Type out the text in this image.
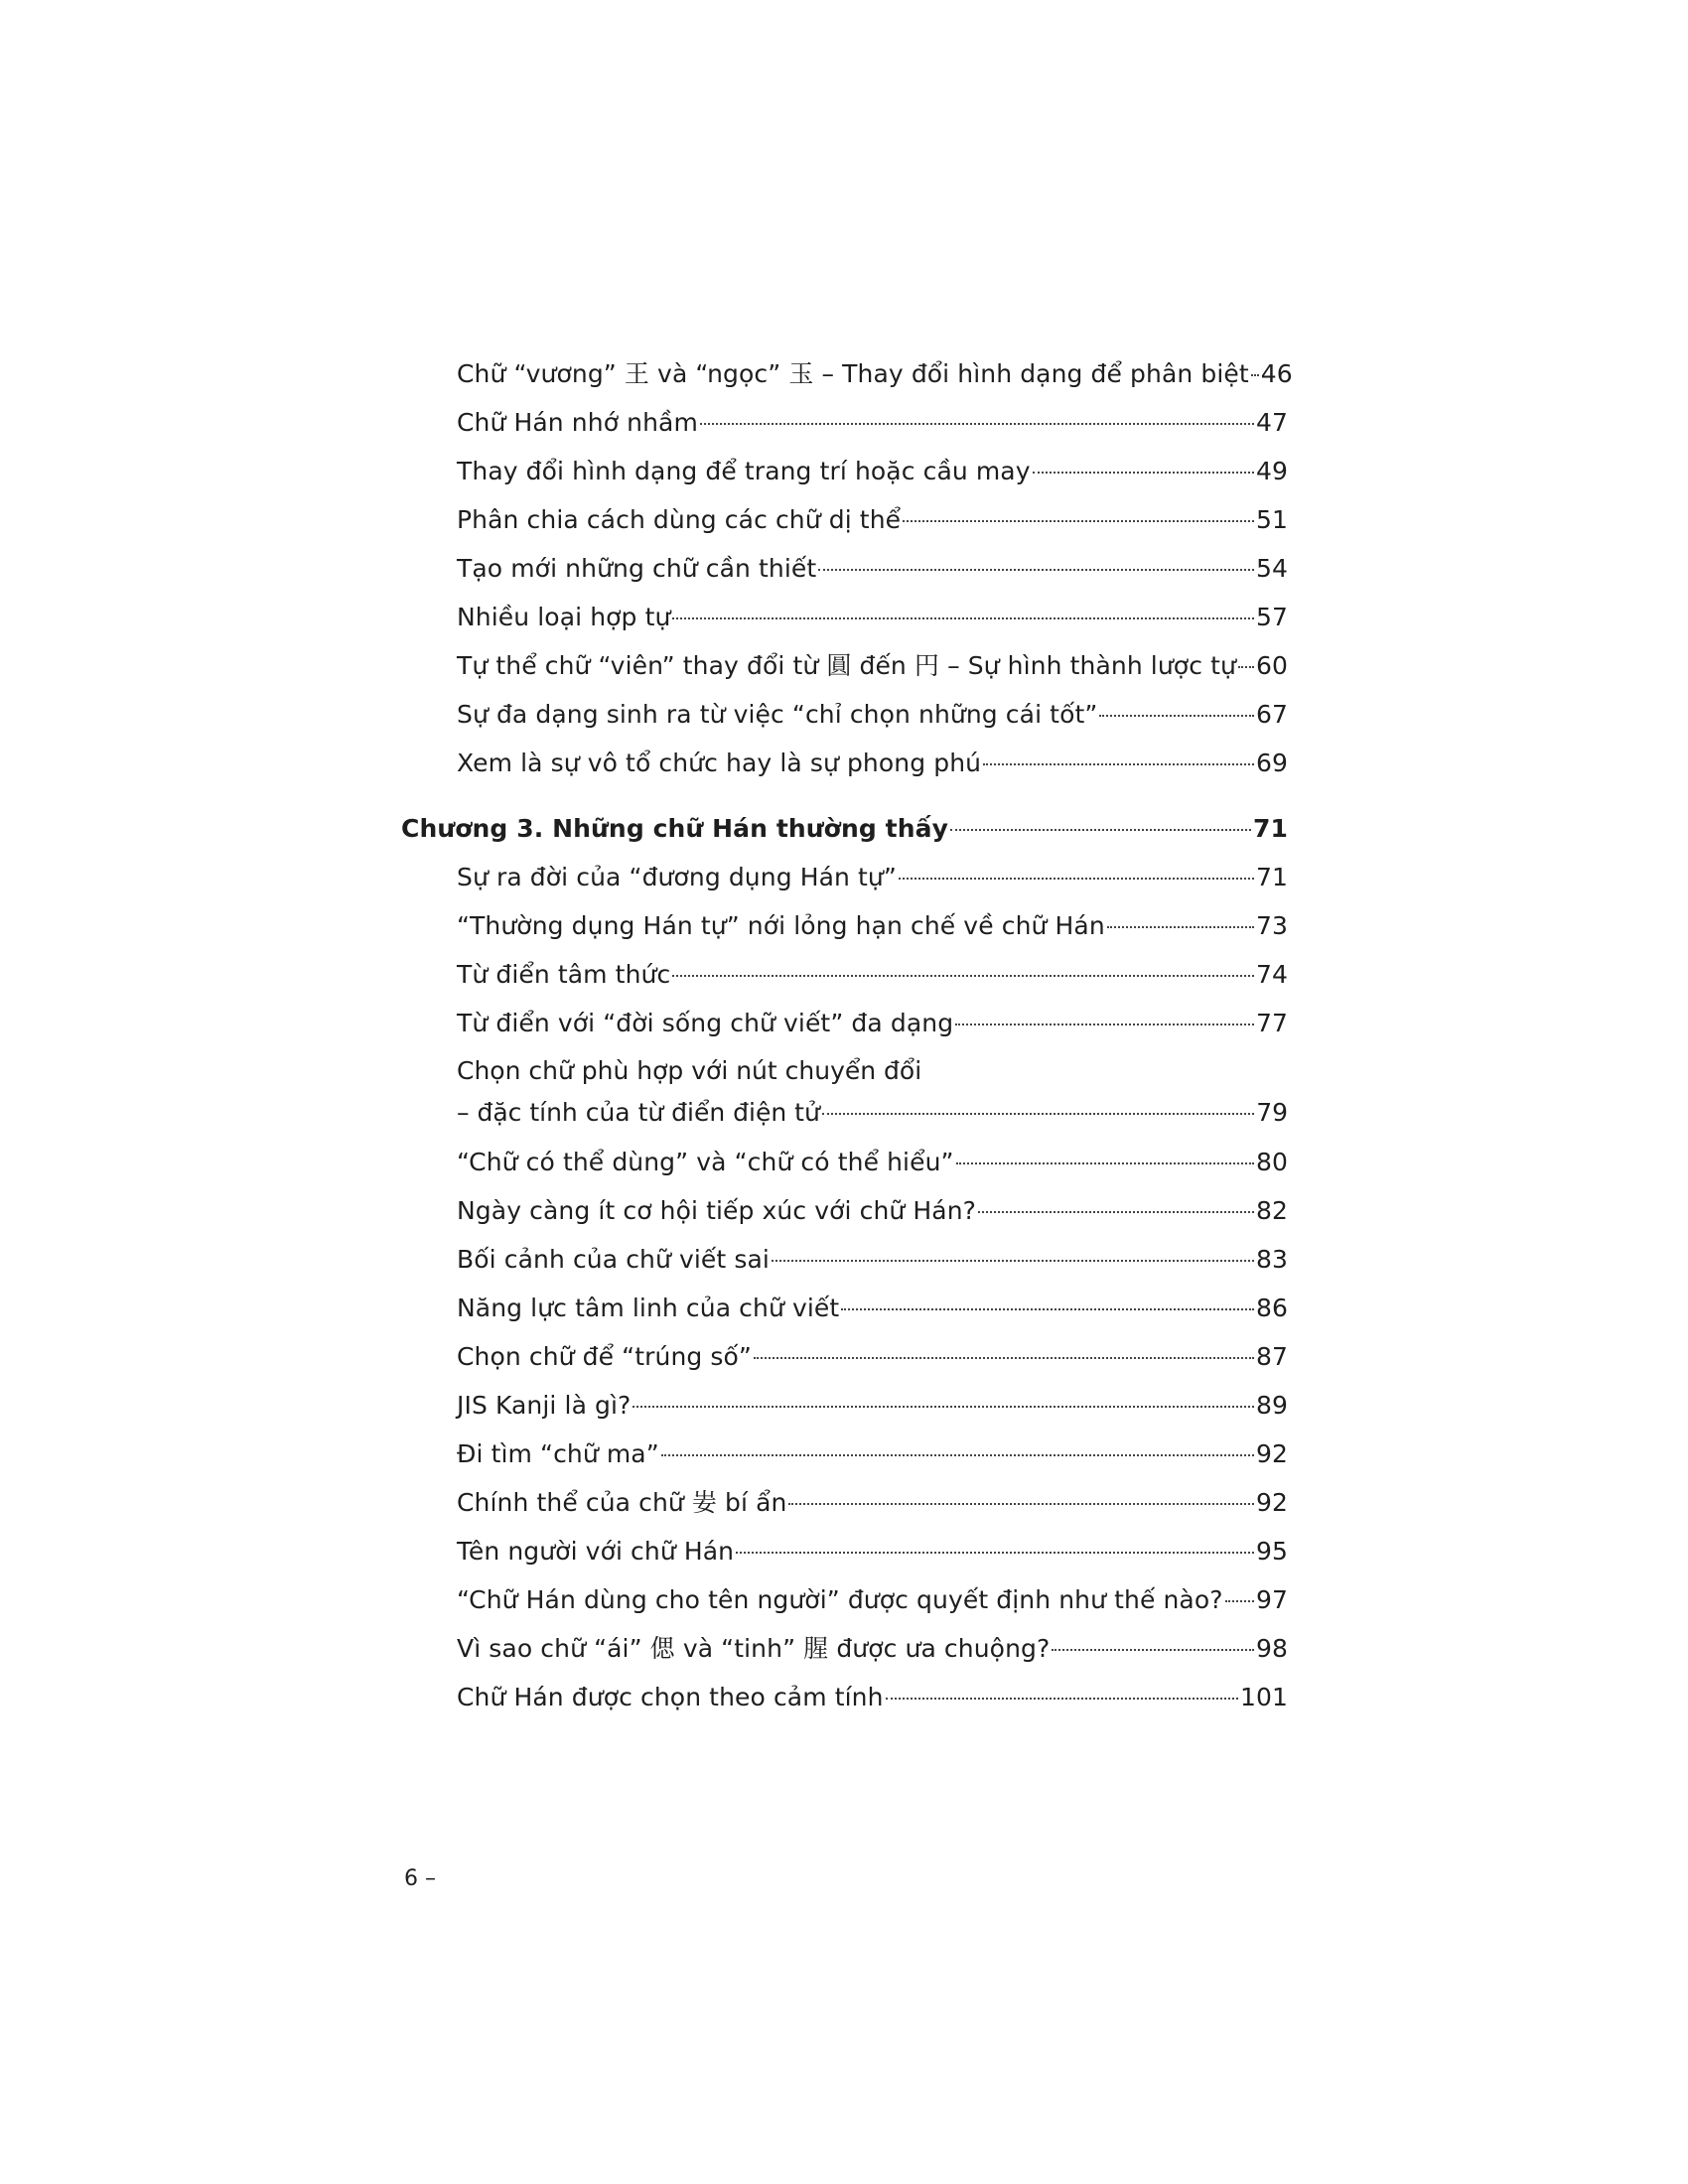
Chữ “vương” 王 và “ngọc” 玉 – Thay đổi hình dạng để phân biệt 46
Chữ Hán nhớ nhầm	47
Thay đổi hình dạng để trang trí hoặc cầu may	49
Phân chia cách dùng các chữ dị thể	51
Tạo mới những chữ cần thiết	54
Nhiều loại hợp tự	57
Tự thể chữ “viên” thay đổi từ 圓 đến 円 – Sự hình thành lược tự 60
Sự đa dạng sinh ra từ việc “chỉ chọn những cái tốt”	67
Xem là sự vô tổ chức hay là sự phong phú	69
Chương 3. Những chữ Hán thường thấy	71
Sự ra đời của “đương dụng Hán tự”	71
“Thường dụng Hán tự” nới lỏng hạn chế về chữ Hán	73
Từ điển tâm thức	74
Từ điển với “đời sống chữ viết” đa dạng	77
Chọn chữ phù hợp với nút chuyển đổi
– đặc tính của từ điển điện tử	79
“Chữ có thể dùng” và “chữ có thể hiểu”	80
Ngày càng ít cơ hội tiếp xúc với chữ Hán?	82
Bối cảnh của chữ viết sai	83
Năng lực tâm linh của chữ viết	86
Chọn chữ để “trúng số”	87
JIS Kanji là gì?	89
Đi tìm “chữ ma”	92
Chính thể của chữ 妛 bí ẩn	92
Tên người với chữ Hán	95
“Chữ Hán dùng cho tên người” được quyết định như thế nào? 97
Vì sao chữ “ái” 偲 và “tinh” 腥 được ưa chuộng?	98
Chữ Hán được chọn theo cảm tính	101
6 –
